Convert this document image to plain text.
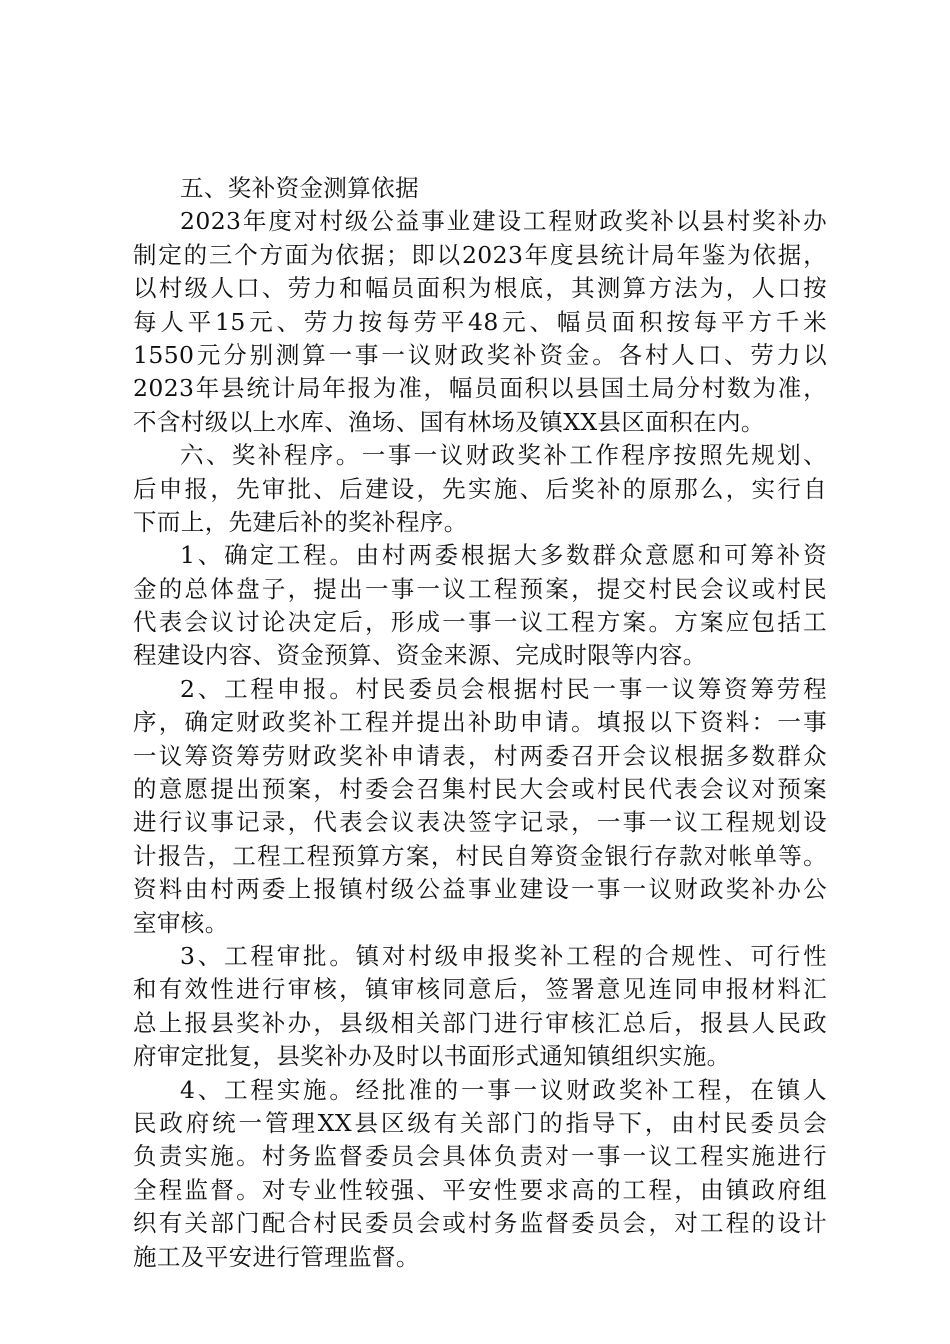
五、奖补资金测算依据
2023年度对村级公益事业建设工程财政奖补以县村奖补办
制定的三个方面为依据；即以2023年度县统计局年鉴为依据，
以村级人口、劳力和幅员面积为根底，其测算方法为，人口按
每人平15元、劳力按每劳平48元、幅员面积按每平方千米
1550元分别测算一事一议财政奖补资金。各村人口、劳力以
2023年县统计局年报为准，幅员面积以县国土局分村数为准，
不含村级以上水库、渔场、国有林场及镇XX县区面积在内。
六、奖补程序。一事一议财政奖补工作程序按照先规划、
后申报，先审批、后建设，先实施、后奖补的原那么，实行自
下而上，先建后补的奖补程序。
1、确定工程。由村两委根据大多数群众意愿和可筹补资
金的总体盘子，提出一事一议工程预案，提交村民会议或村民
代表会议讨论决定后，形成一事一议工程方案。方案应包括工
程建设内容、资金预算、资金来源、完成时限等内容。
2、工程申报。村民委员会根据村民一事一议筹资筹劳程
序，确定财政奖补工程并提出补助申请。填报以下资料：一事
一议筹资筹劳财政奖补申请表，村两委召开会议根据多数群众
的意愿提出预案，村委会召集村民大会或村民代表会议对预案
进行议事记录，代表会议表决签字记录，一事一议工程规划设
计报告，工程工程预算方案，村民自筹资金银行存款对帐单等。
资料由村两委上报镇村级公益事业建设一事一议财政奖补办公
室审核。
3、工程审批。镇对村级申报奖补工程的合规性、可行性
和有效性进行审核，镇审核同意后，签署意见连同申报材料汇
总上报县奖补办，县级相关部门进行审核汇总后，报县人民政
府审定批复，县奖补办及时以书面形式通知镇组织实施。
4、工程实施。经批准的一事一议财政奖补工程，在镇人
民政府统一管理XX县区级有关部门的指导下，由村民委员会
负责实施。村务监督委员会具体负责对一事一议工程实施进行
全程监督。对专业性较强、平安性要求高的工程，由镇政府组
织有关部门配合村民委员会或村务监督委员会，对工程的设计
施工及平安进行管理监督。
